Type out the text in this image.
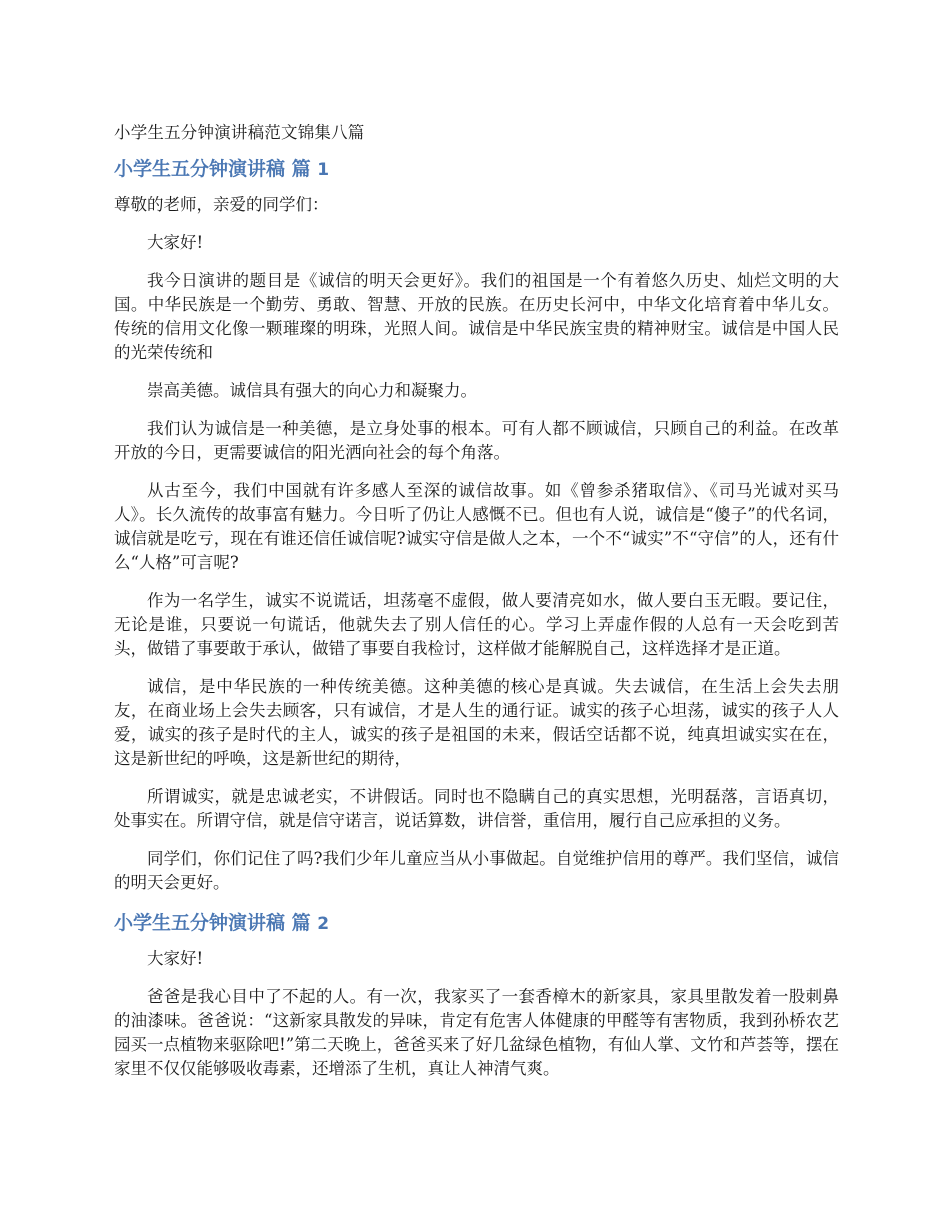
小学生五分钟演讲稿范文锦集八篇
小学生五分钟演讲稿 篇 1

尊敬的老师，亲爱的同学们：

大家好!

我今日演讲的题目是《诚信的明天会更好》。我们的祖国是一个有着悠久历史、灿烂文明的大国。中华民族是一个勤劳、勇敢、智慧、开放的民族。在历史长河中，中华文化培育着中华儿女。传统的信用文化像一颗璀璨的明珠，光照人间。诚信是中华民族宝贵的精神财宝。诚信是中国人民的光荣传统和

崇高美德。诚信具有强大的向心力和凝聚力。

我们认为诚信是一种美德，是立身处事的根本。可有人都不顾诚信，只顾自己的利益。在改革开放的今日，更需要诚信的阳光洒向社会的每个角落。

从古至今，我们中国就有许多感人至深的诚信故事。如《曾参杀猪取信》、《司马光诚对买马人》。长久流传的故事富有魅力。今日听了仍让人感慨不已。但也有人说，诚信是“傻子”的代名词，诚信就是吃亏，现在有谁还信任诚信呢?诚实守信是做人之本，一个不“诚实”不“守信”的人，还有什么“人格”可言呢?

作为一名学生，诚实不说谎话，坦荡毫不虚假，做人要清亮如水，做人要白玉无暇。要记住，无论是谁，只要说一句谎话，他就失去了别人信任的心。学习上弄虚作假的人总有一天会吃到苦头，做错了事要敢于承认，做错了事要自我检讨，这样做才能解脱自己，这样选择才是正道。

诚信，是中华民族的一种传统美德。这种美德的核心是真诚。失去诚信，在生活上会失去朋友，在商业场上会失去顾客，只有诚信，才是人生的通行证。诚实的孩子心坦荡，诚实的孩子人人爱，诚实的孩子是时代的主人，诚实的孩子是祖国的未来，假话空话都不说，纯真坦诚实实在在，这是新世纪的呼唤，这是新世纪的期待，

所谓诚实，就是忠诚老实，不讲假话。同时也不隐瞒自己的真实思想，光明磊落，言语真切，处事实在。所谓守信，就是信守诺言，说话算数，讲信誉，重信用，履行自己应承担的义务。

同学们，你们记住了吗?我们少年儿童应当从小事做起。自觉维护信用的尊严。我们坚信，诚信的明天会更好。

小学生五分钟演讲稿 篇 2

大家好!

爸爸是我心目中了不起的人。有一次，我家买了一套香樟木的新家具，家具里散发着一股刺鼻的油漆味。爸爸说：“这新家具散发的异味，肯定有危害人体健康的甲醛等有害物质，我到孙桥农艺园买一点植物来驱除吧!”第二天晚上，爸爸买来了好几盆绿色植物，有仙人掌、文竹和芦荟等，摆在家里不仅仅能够吸收毒素，还增添了生机，真让人神清气爽。
